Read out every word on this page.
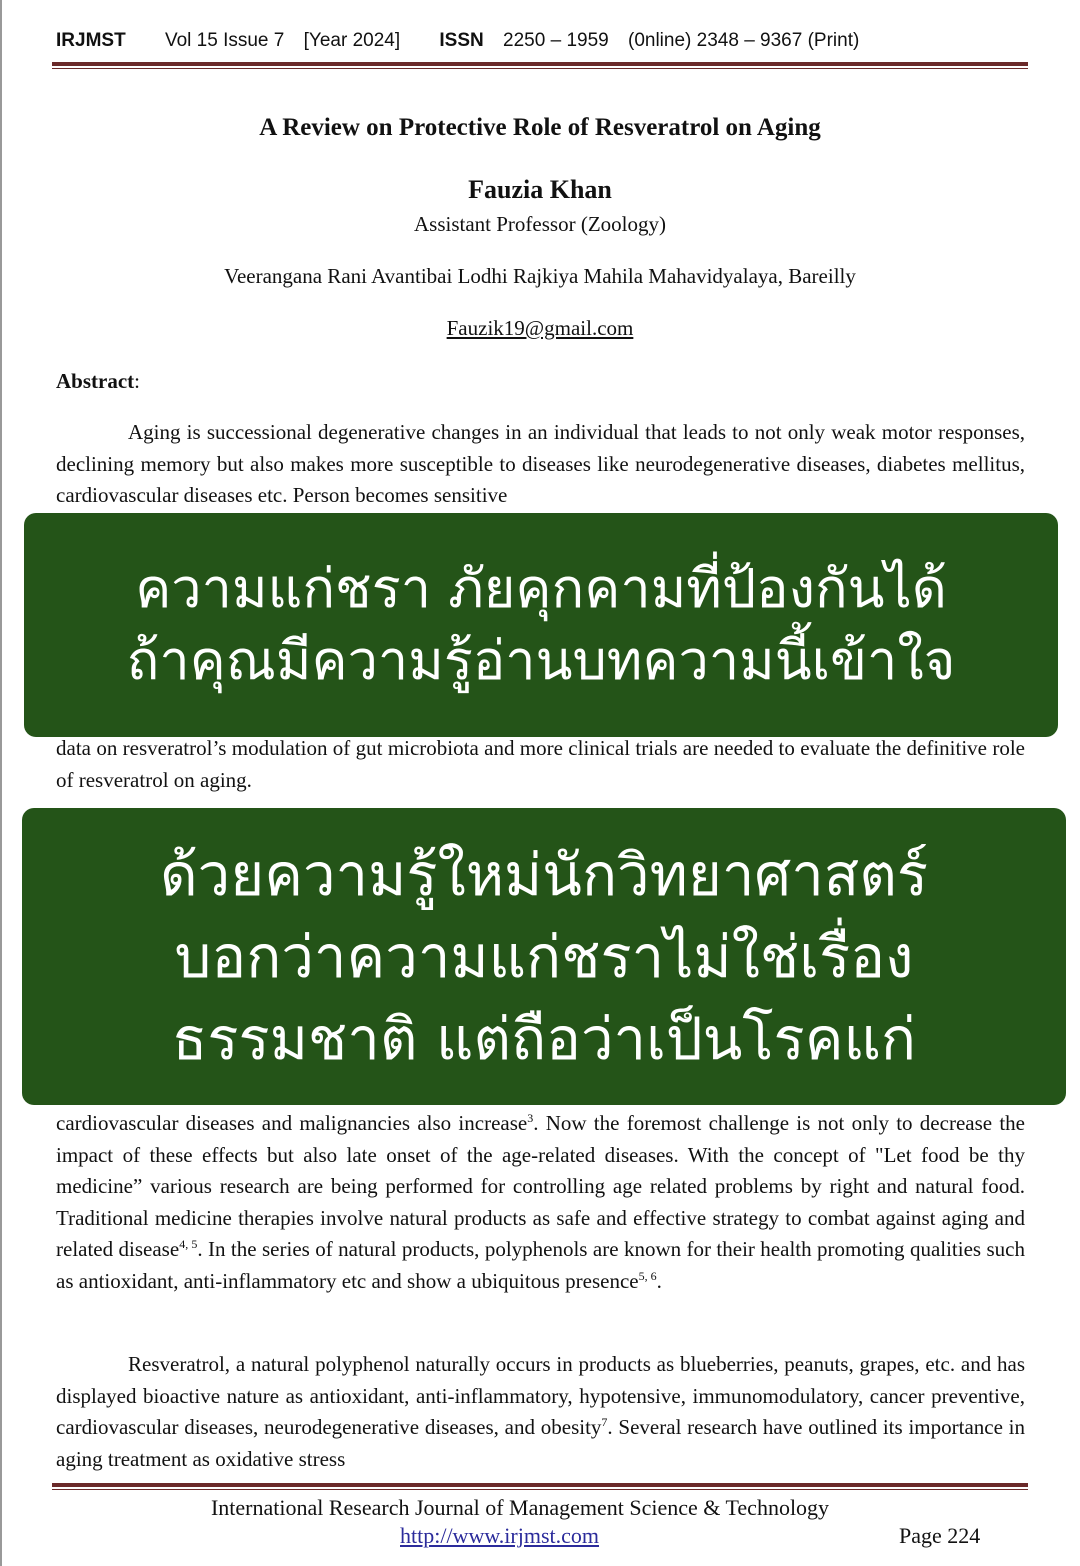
IRJMST Vol 15 Issue 7 [Year 2024] ISSN 2250 – 1959 (0nline) 2348 – 9367 (Print)
A Review on Protective Role of Resveratrol on Aging
Fauzia Khan
Assistant Professor (Zoology)
Veerangana Rani Avantibai Lodhi Rajkiya Mahila Mahavidyalaya, Bareilly
Fauzik19@gmail.com
Abstract:

Aging is successional degenerative changes in an individual that leads to not only weak motor responses, declining memory but also makes more susceptible to diseases like neurodegenerative diseases, diabetes mellitus, cardiovascular diseases etc. Person becomes sensitive

ความแก่ชรา ภัยคุกคามที่ป้องกันได้
ถ้าคุณมีความรู้อ่านบทความนี้เข้าใจ

data on resveratrol’s modulation of gut microbiota and more clinical trials are needed to evaluate the definitive role of resveratrol on aging.

ด้วยความรู้ใหม่นักวิทยาศาสตร์
บอกว่าความแก่ชราไม่ใช่เรื่อง
ธรรมชาติ แต่ถือว่าเป็นโรคแก่

cardiovascular diseases and malignancies also increase$^3$. Now the foremost challenge is not only to decrease the impact of these effects but also late onset of the age-related diseases. With the concept of "Let food be thy medicine” various research are being performed for controlling age related problems by right and natural food. Traditional medicine therapies involve natural products as safe and effective strategy to combat against aging and related disease$^{4, 5}$. In the series of natural products, polyphenols are known for their health promoting qualities such as antioxidant, anti-inflammatory etc and show a ubiquitous presence$^{5, 6}$.

Resveratrol, a natural polyphenol naturally occurs in products as blueberries, peanuts, grapes, etc. and has displayed bioactive nature as antioxidant, anti-inflammatory, hypotensive, immunomodulatory, cancer preventive, cardiovascular diseases, neurodegenerative diseases, and obesity$^7$. Several research have outlined its importance in aging treatment as oxidative stress

International Research Journal of Management Science & Technology
http://www.irjmst.com	Page 224
